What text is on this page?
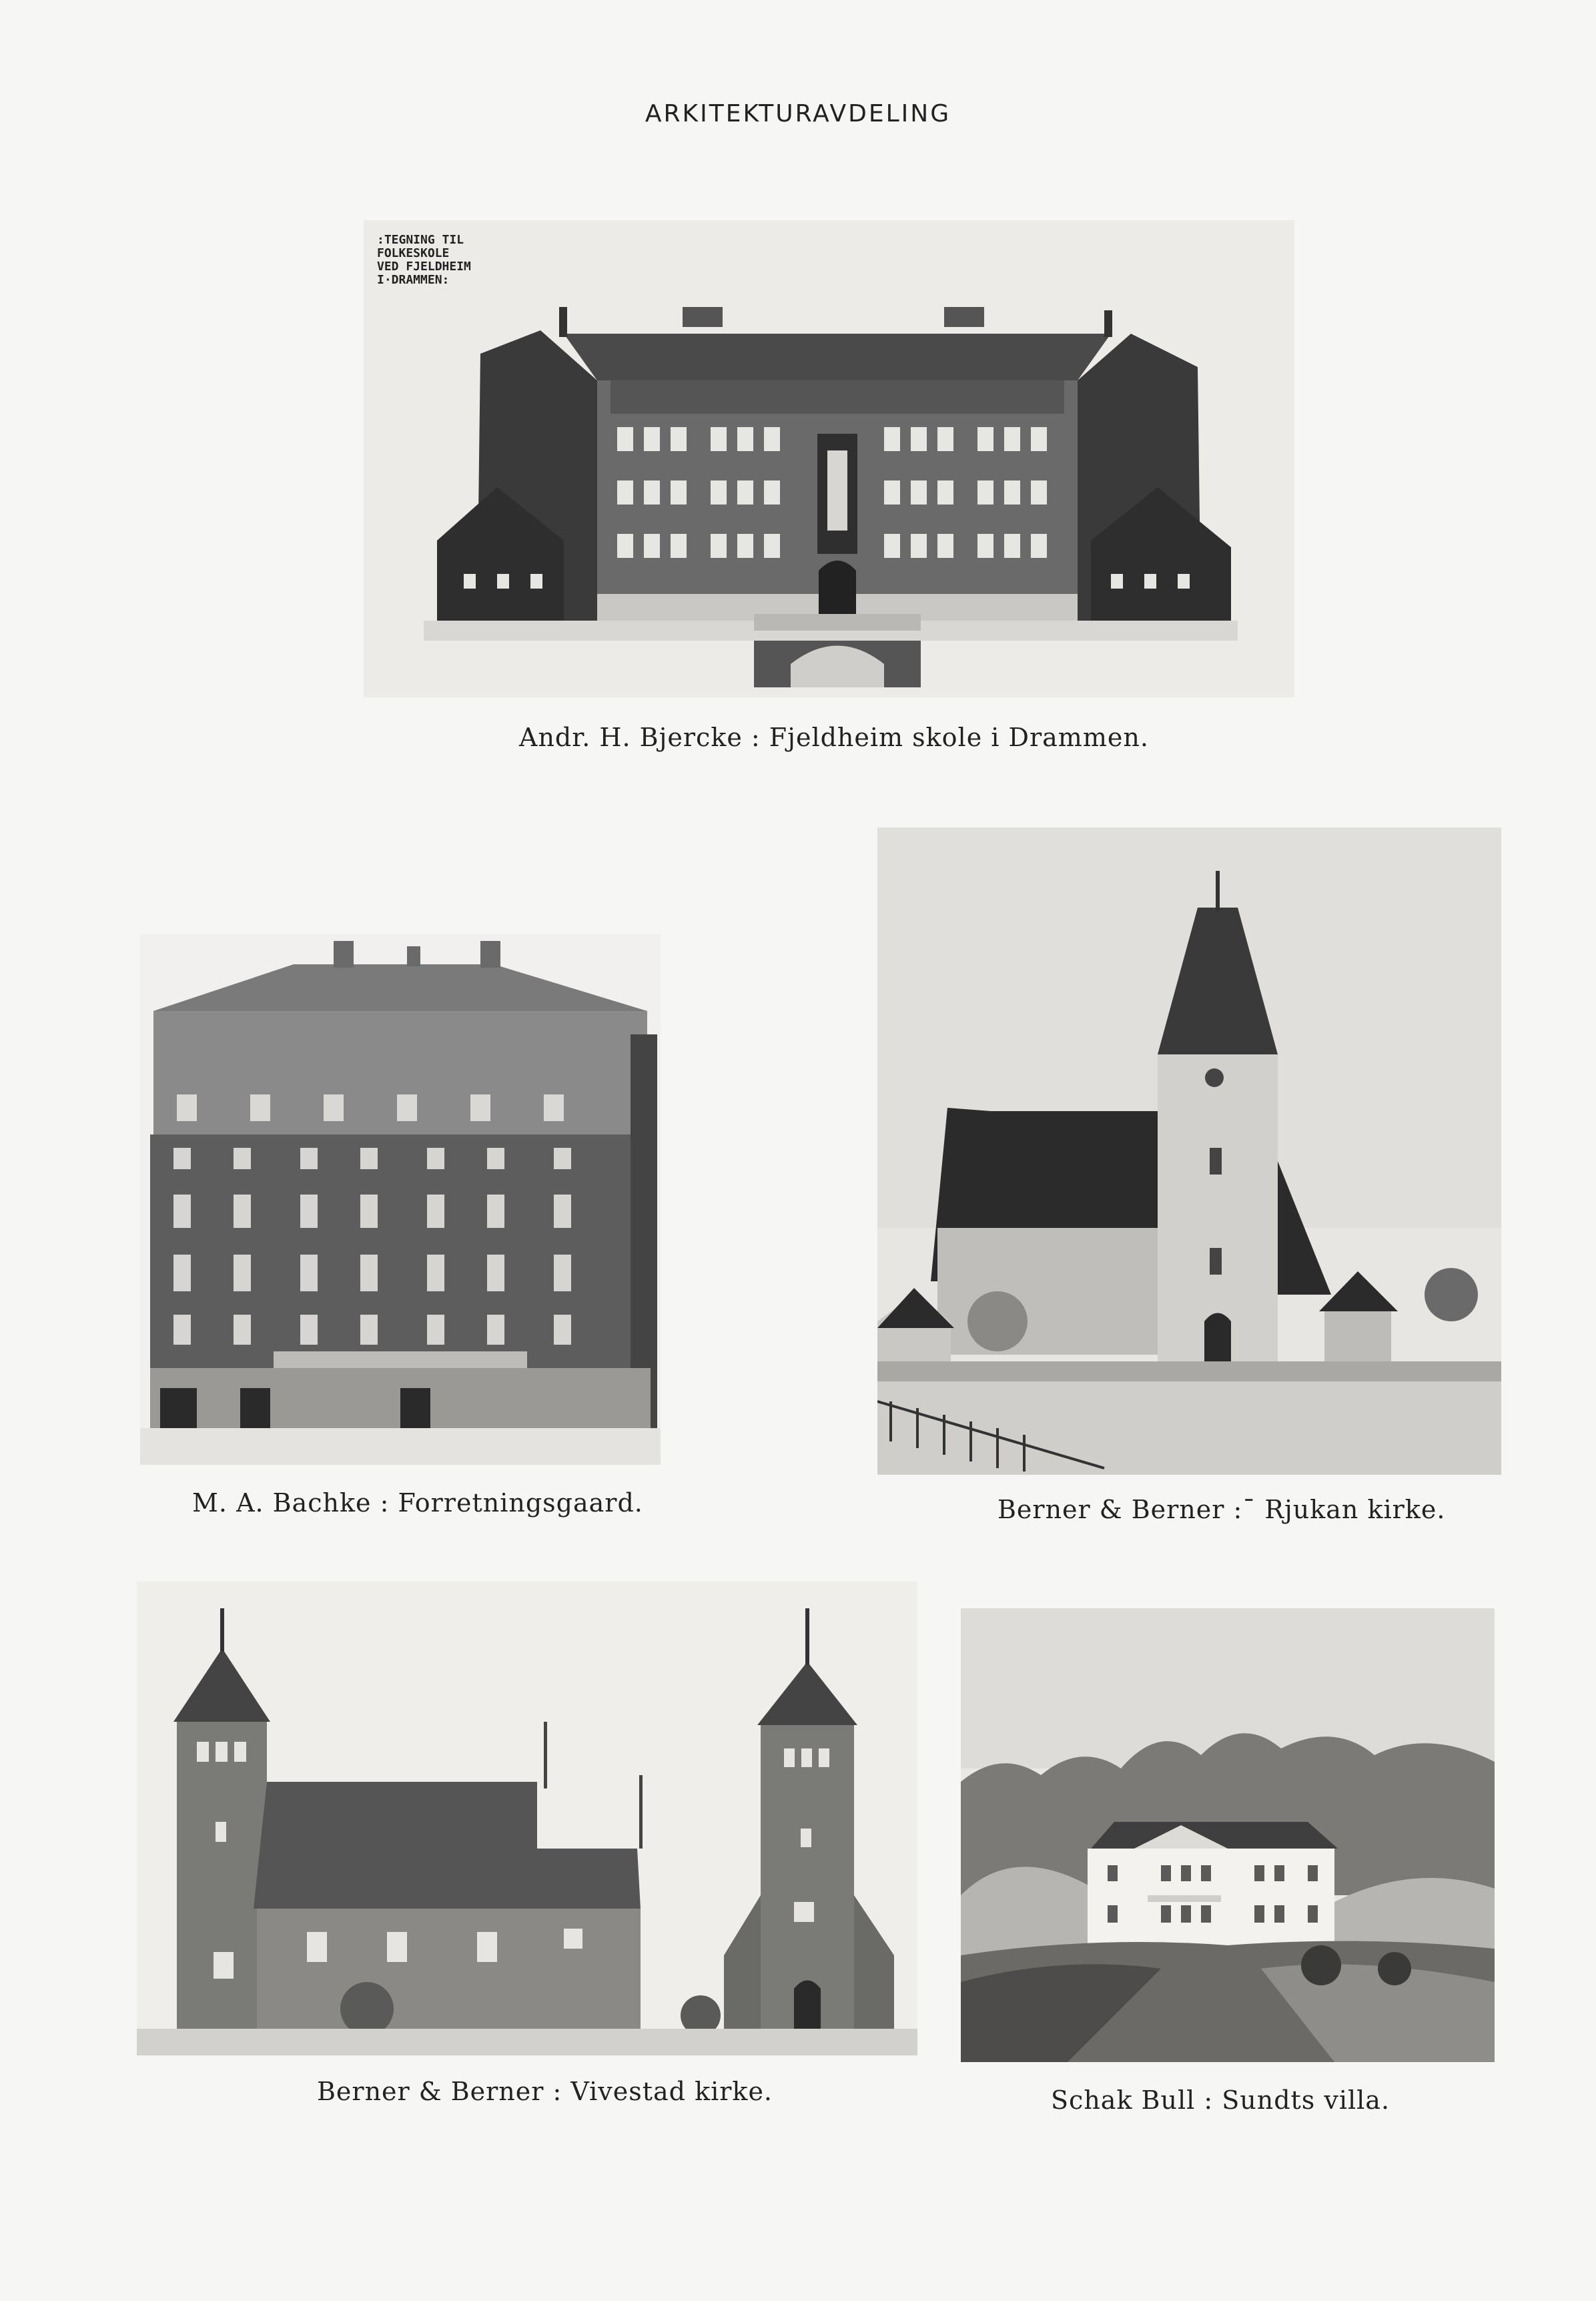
ARKITEKTURAVDELING
:TEGNING TIL
FOLKESKOLE
VED FJELDHEIM
I·DRAMMEN:
Andr. H. Bjercke : Fjeldheim skole i Drammen.
M. A. Bachke : Forretningsgaard.	Berner & Berner :¯ Rjukan kirke.
Berner & Berner : Vivestad kirke.	Schak Bull : Sundts villa.
